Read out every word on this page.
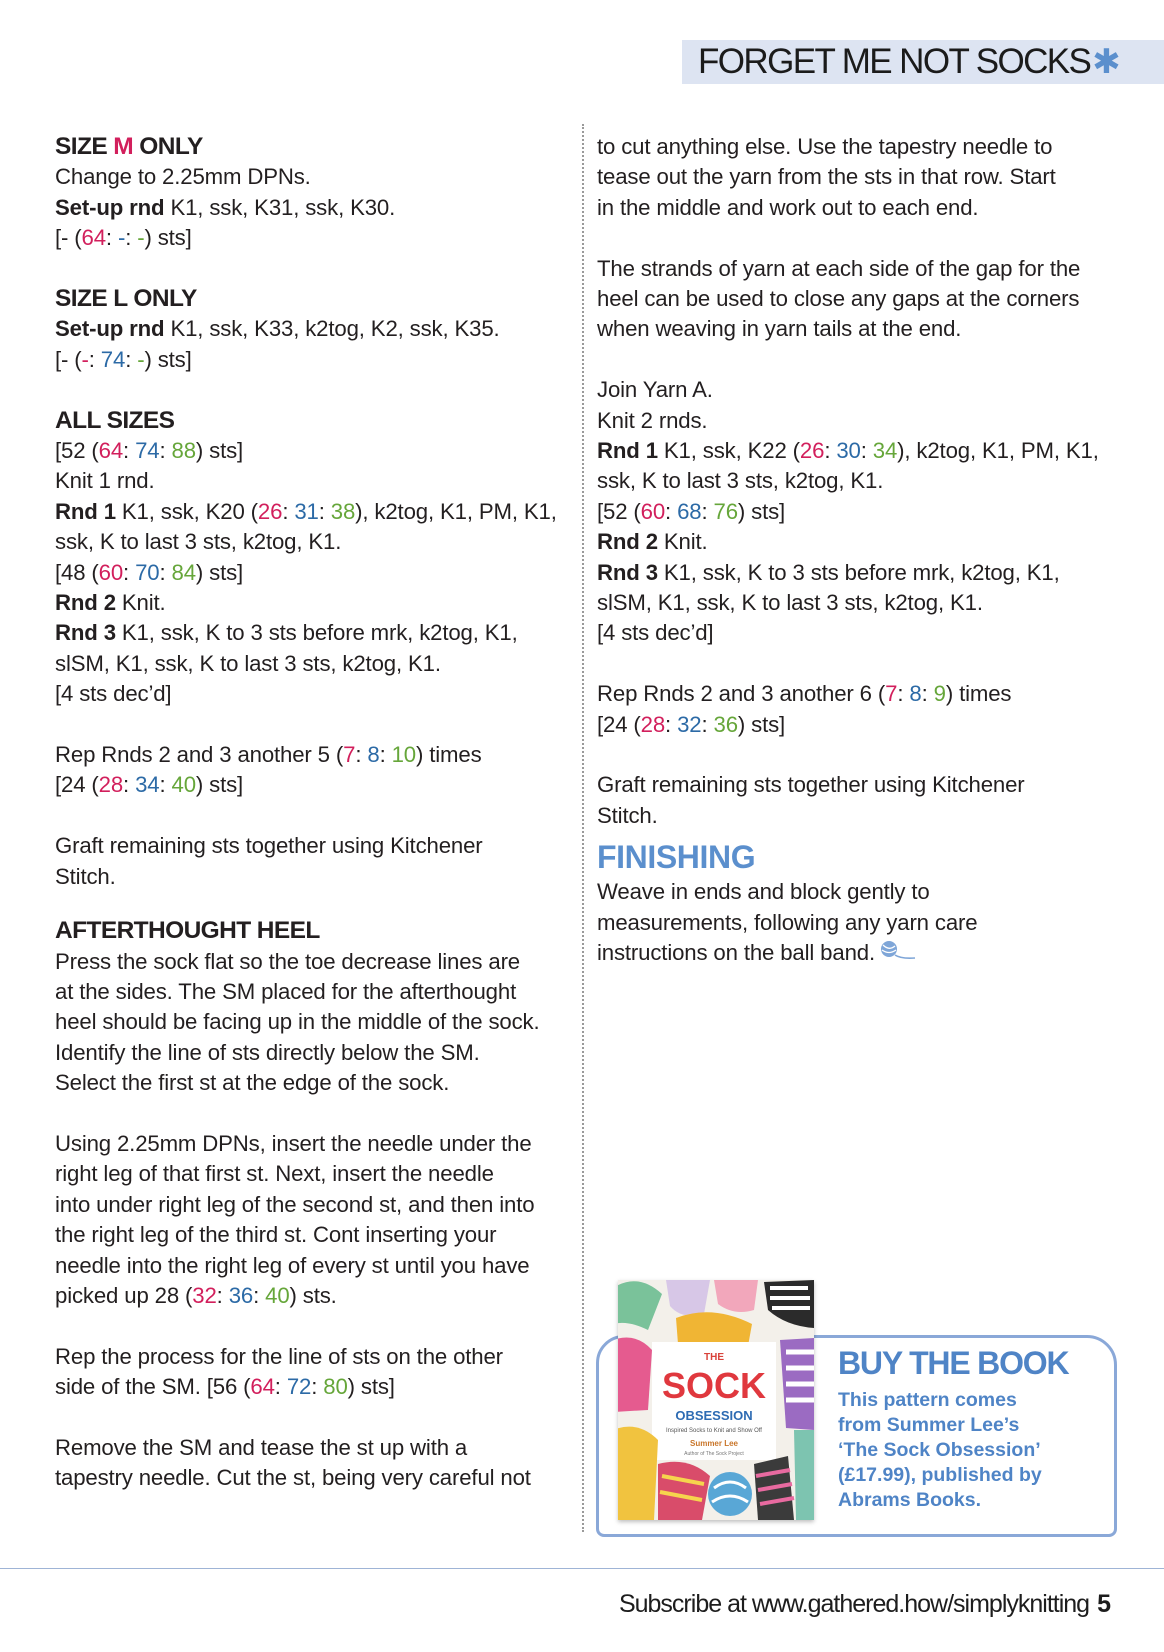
FORGET ME NOT SOCKS✱
SIZE M ONLY
Change to 2.25mm DPNs.
Set-up rnd K1, ssk, K31, ssk, K30.
[- (64: -: -) sts]
SIZE L ONLY
Set-up rnd K1, ssk, K33, k2tog, K2, ssk, K35.
[- (-: 74: -) sts]
ALL SIZES
[52 (64: 74: 88) sts]
Knit 1 rnd.
Rnd 1 K1, ssk, K20 (26: 31: 38), k2tog, K1, PM, K1,
ssk, K to last 3 sts, k2tog, K1.
[48 (60: 70: 84) sts]
Rnd 2 Knit.
Rnd 3 K1, ssk, K to 3 sts before mrk, k2tog, K1,
slSM, K1, ssk, K to last 3 sts, k2tog, K1.
[4 sts dec’d]
Rep Rnds 2 and 3 another 5 (7: 8: 10) times
[24 (28: 34: 40) sts]
Graft remaining sts together using Kitchener
Stitch.
AFTERTHOUGHT HEEL
Press the sock flat so the toe decrease lines are
at the sides. The SM placed for the afterthought
heel should be facing up in the middle of the sock.
Identify the line of sts directly below the SM.
Select the first st at the edge of the sock.
Using 2.25mm DPNs, insert the needle under the
right leg of that first st. Next, insert the needle
into under right leg of the second st, and then into
the right leg of the third st. Cont inserting your
needle into the right leg of every st until you have
picked up 28 (32: 36: 40) sts.
Rep the process for the line of sts on the other
side of the SM. [56 (64: 72: 80) sts]
Remove the SM and tease the st up with a
tapestry needle. Cut the st, being very careful not
to cut anything else. Use the tapestry needle to
tease out the yarn from the sts in that row. Start
in the middle and work out to each end.
The strands of yarn at each side of the gap for the
heel can be used to close any gaps at the corners
when weaving in yarn tails at the end.
Join Yarn A.
Knit 2 rnds.
Rnd 1 K1, ssk, K22 (26: 30: 34), k2tog, K1, PM, K1,
ssk, K to last 3 sts, k2tog, K1.
[52 (60: 68: 76) sts]
Rnd 2 Knit.
Rnd 3 K1, ssk, K to 3 sts before mrk, k2tog, K1,
slSM, K1, ssk, K to last 3 sts, k2tog, K1.
[4 sts dec’d]
Rep Rnds 2 and 3 another 6 (7: 8: 9) times
[24 (28: 32: 36) sts]
Graft remaining sts together using Kitchener
Stitch.
FINISHING
Weave in ends and block gently to
measurements, following any yarn care
instructions on the ball band.
THE
SOCK
OBSESSION
Inspired Socks to Knit and Show Off
Summer Lee
Author of The Sock Project
BUY THE BOOK
This pattern comes
from Summer Lee’s
‘The Sock Obsession’
(£17.99), published by
Abrams Books.
Subscribe at www.gathered.how/simplyknitting 5
